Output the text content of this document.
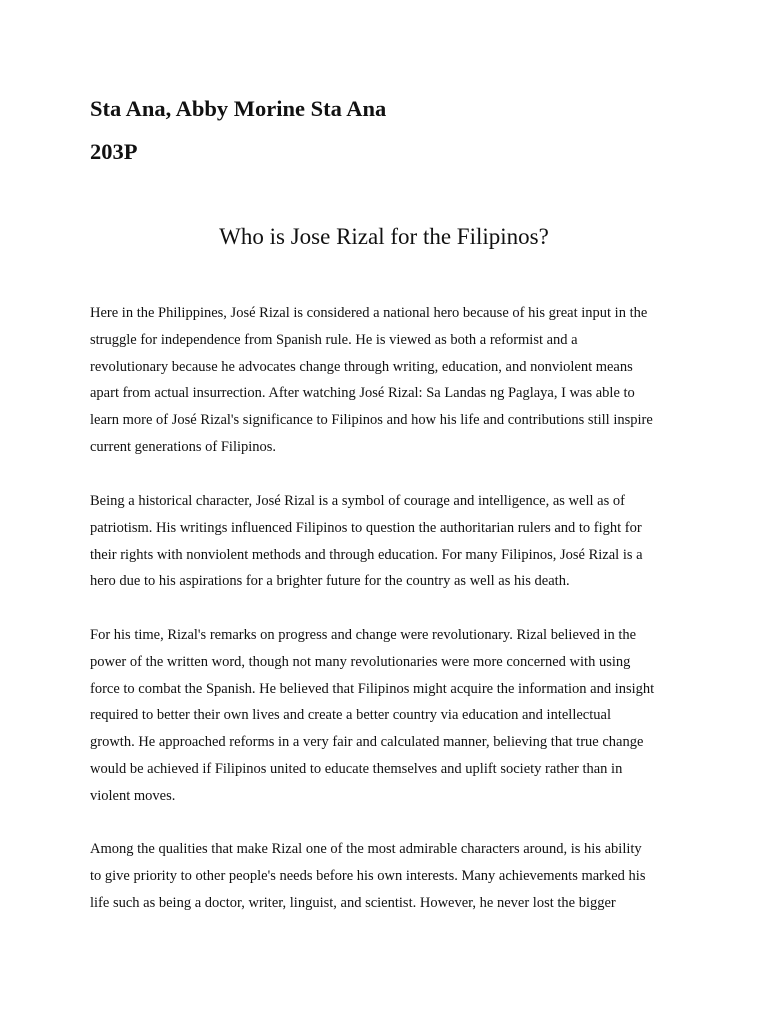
Sta Ana, Abby Morine Sta Ana
203P
Who is Jose Rizal for the Filipinos?

Here in the Philippines, José Rizal is considered a national hero because of his great input in the
struggle for independence from Spanish rule. He is viewed as both a reformist and a
revolutionary because he advocates change through writing, education, and nonviolent means
apart from actual insurrection. After watching José Rizal: Sa Landas ng Paglaya, I was able to
learn more of José Rizal's significance to Filipinos and how his life and contributions still inspire
current generations of Filipinos.

Being a historical character, José Rizal is a symbol of courage and intelligence, as well as of
patriotism. His writings influenced Filipinos to question the authoritarian rulers and to fight for
their rights with nonviolent methods and through education. For many Filipinos, José Rizal is a
hero due to his aspirations for a brighter future for the country as well as his death.

For his time, Rizal's remarks on progress and change were revolutionary. Rizal believed in the
power of the written word, though not many revolutionaries were more concerned with using
force to combat the Spanish. He believed that Filipinos might acquire the information and insight
required to better their own lives and create a better country via education and intellectual
growth. He approached reforms in a very fair and calculated manner, believing that true change
would be achieved if Filipinos united to educate themselves and uplift society rather than in
violent moves.

Among the qualities that make Rizal one of the most admirable characters around, is his ability
to give priority to other people's needs before his own interests. Many achievements marked his
life such as being a doctor, writer, linguist, and scientist. However, he never lost the bigger
